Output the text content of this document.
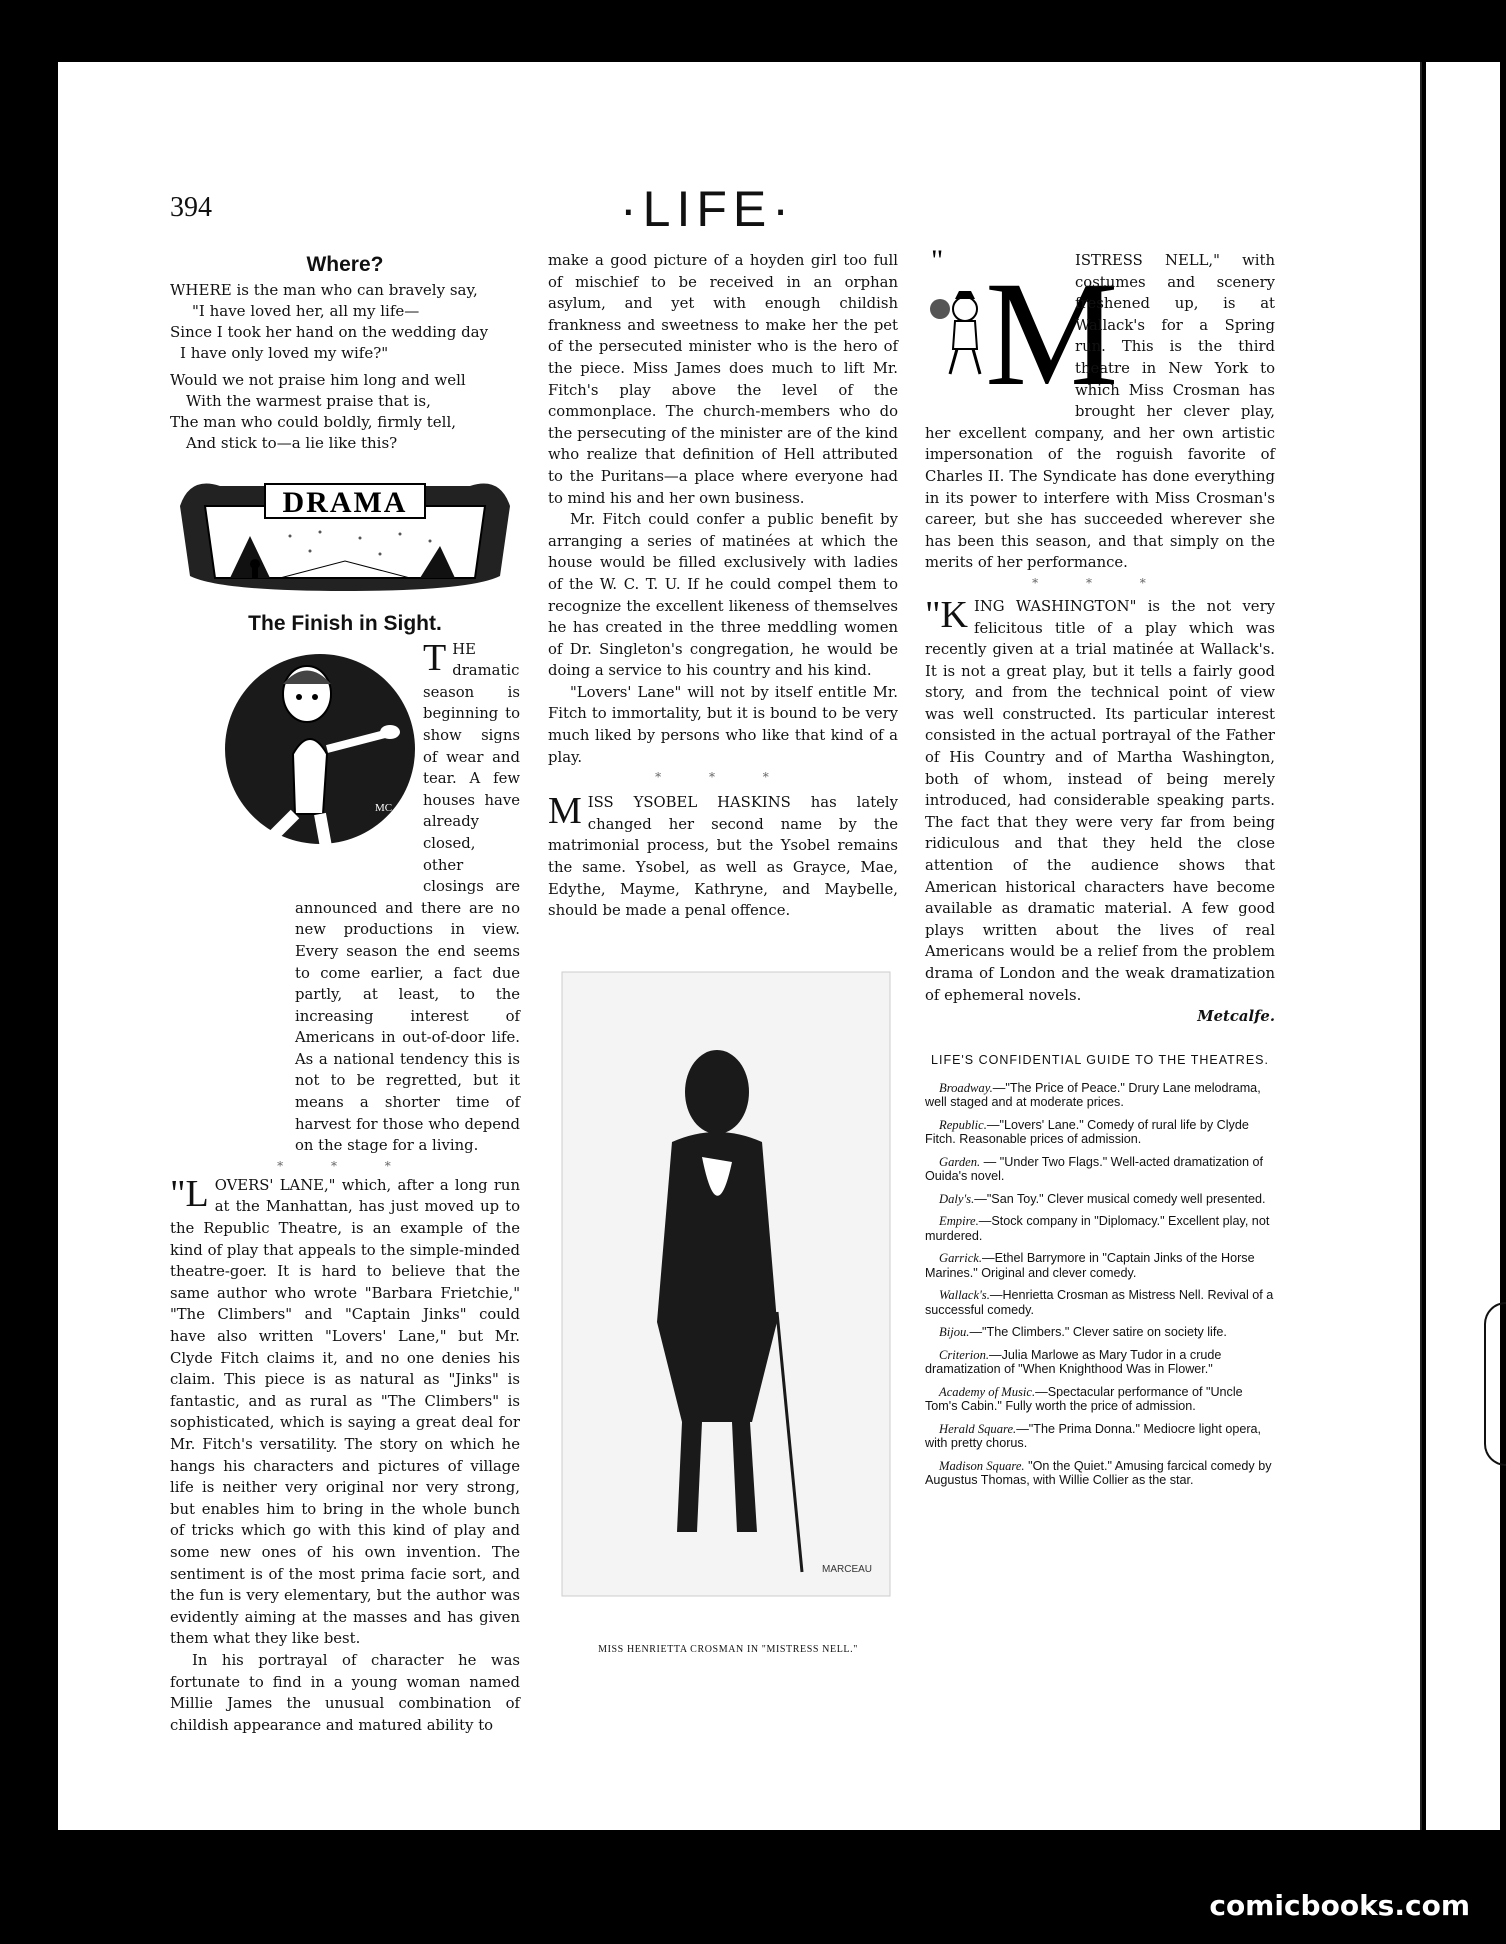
394	·LIFE·
Where?
WHERE is the man who can bravely say,
"I have loved her, all my life—
Since I took her hand on the wedding day
I have only loved my wife?"
Would we not praise him long and well
With the warmest praise that is,
The man who could boldly, firmly tell,
And stick to—a lie like this?
DRAMA
The Finish in Sight.
MC

THE dramatic season is beginning to show signs of wear and tear. A few houses have already closed, other closings are announced and there are no new productions in view. Every season the end seems to come earlier, a fact due partly, at least, to the increasing interest of Americans in out-of-door life. As a national tendency this is not to be regretted, but it means a shorter time of harvest for those who depend on the stage for a living.

* * *

"LOVERS' LANE," which, after a long run at the Manhattan, has just moved up to the Republic Theatre, is an example of the kind of play that appeals to the simple-minded theatre-goer. It is hard to believe that the same author who wrote "Barbara Frietchie," "The Climbers" and "Captain Jinks" could have also written "Lovers' Lane," but Mr. Clyde Fitch claims it, and no one denies his claim. This piece is as natural as "Jinks" is fantastic, and as rural as "The Climbers" is sophisticated, which is saying a great deal for Mr. Fitch's versatility. The story on which he hangs his characters and pictures of village life is neither very original nor very strong, but enables him to bring in the whole bunch of tricks which go with this kind of play and some new ones of his own invention. The sentiment is of the most prima facie sort, and the fun is very elementary, but the author was evidently aiming at the masses and has given them what they like best.

In his portrayal of character he was fortunate to find in a young woman named Millie James the unusual combination of childish appearance and matured ability to

make a good picture of a hoyden girl too full of mischief to be received in an orphan asylum, and yet with enough childish frankness and sweetness to make her the pet of the persecuted minister who is the hero of the piece. Miss James does much to lift Mr. Fitch's play above the level of the commonplace. The church-members who do the persecuting of the minister are of the kind who realize that definition of Hell attributed to the Puritans—a place where everyone had to mind his and her own business.

Mr. Fitch could confer a public benefit by arranging a series of matinées at which the house would be filled exclusively with ladies of the W. C. T. U. If he could compel them to recognize the excellent likeness of themselves he has created in the three meddling women of Dr. Singleton's congregation, he would be doing a service to his country and his kind.

"Lovers' Lane" will not by itself entitle Mr. Fitch to immortality, but it is bound to be very much liked by persons who like that kind of a play.

* * *

MISS YSOBEL HASKINS has lately changed her second name by the matrimonial process, but the Ysobel remains the same. Ysobel, as well as Grayce, Mae, Edythe, Mayme, Kathryne, and Maybelle, should be made a penal offence.

MARCEAU
MISS HENRIETTA CROSMAN IN "MISTRESS NELL."
" M

ISTRESS NELL," with costumes and scenery freshened up, is at Wallack's for a Spring run. This is the third theatre in New York to which Miss Crosman has brought her clever play, her excellent company, and her own artistic impersonation of the roguish favorite of Charles II. The Syndicate has done everything in its power to interfere with Miss Crosman's career, but she has succeeded wherever she has been this season, and that simply on the merits of her performance.

* * *

"KING WASHINGTON" is the not very felicitous title of a play which was recently given at a trial matinée at Wallack's. It is not a great play, but it tells a fairly good story, and from the technical point of view was well constructed. Its particular interest consisted in the actual portrayal of the Father of His Country and of Martha Washington, both of whom, instead of being merely introduced, had considerable speaking parts. The fact that they were very far from being ridiculous and that they held the close attention of the audience shows that American historical characters have become available as dramatic material. A few good plays written about the lives of real Americans would be a relief from the problem drama of London and the weak dramatization of ephemeral novels.

Metcalfe.
LIFE'S CONFIDENTIAL GUIDE TO THE THEATRES.

Broadway.—"The Price of Peace." Drury Lane melodrama, well staged and at moderate prices.

Republic.—"Lovers' Lane." Comedy of rural life by Clyde Fitch. Reasonable prices of admission.

Garden. — "Under Two Flags." Well-acted dramatization of Ouida's novel.

Daly's.—"San Toy." Clever musical comedy well presented.

Empire.—Stock company in "Diplomacy." Excellent play, not murdered.

Garrick.—Ethel Barrymore in "Captain Jinks of the Horse Marines." Original and clever comedy.

Wallack's.—Henrietta Crosman as Mistress Nell. Revival of a successful comedy.

Bijou.—"The Climbers." Clever satire on society life.

Criterion.—Julia Marlowe as Mary Tudor in a crude dramatization of "When Knighthood Was in Flower."

Academy of Music.—Spectacular performance of "Uncle Tom's Cabin." Fully worth the price of admission.

Herald Square.—"The Prima Donna." Mediocre light opera, with pretty chorus.

Madison Square. "On the Quiet." Amusing farcical comedy by Augustus Thomas, with Willie Collier as the star.

comicbooks.com
